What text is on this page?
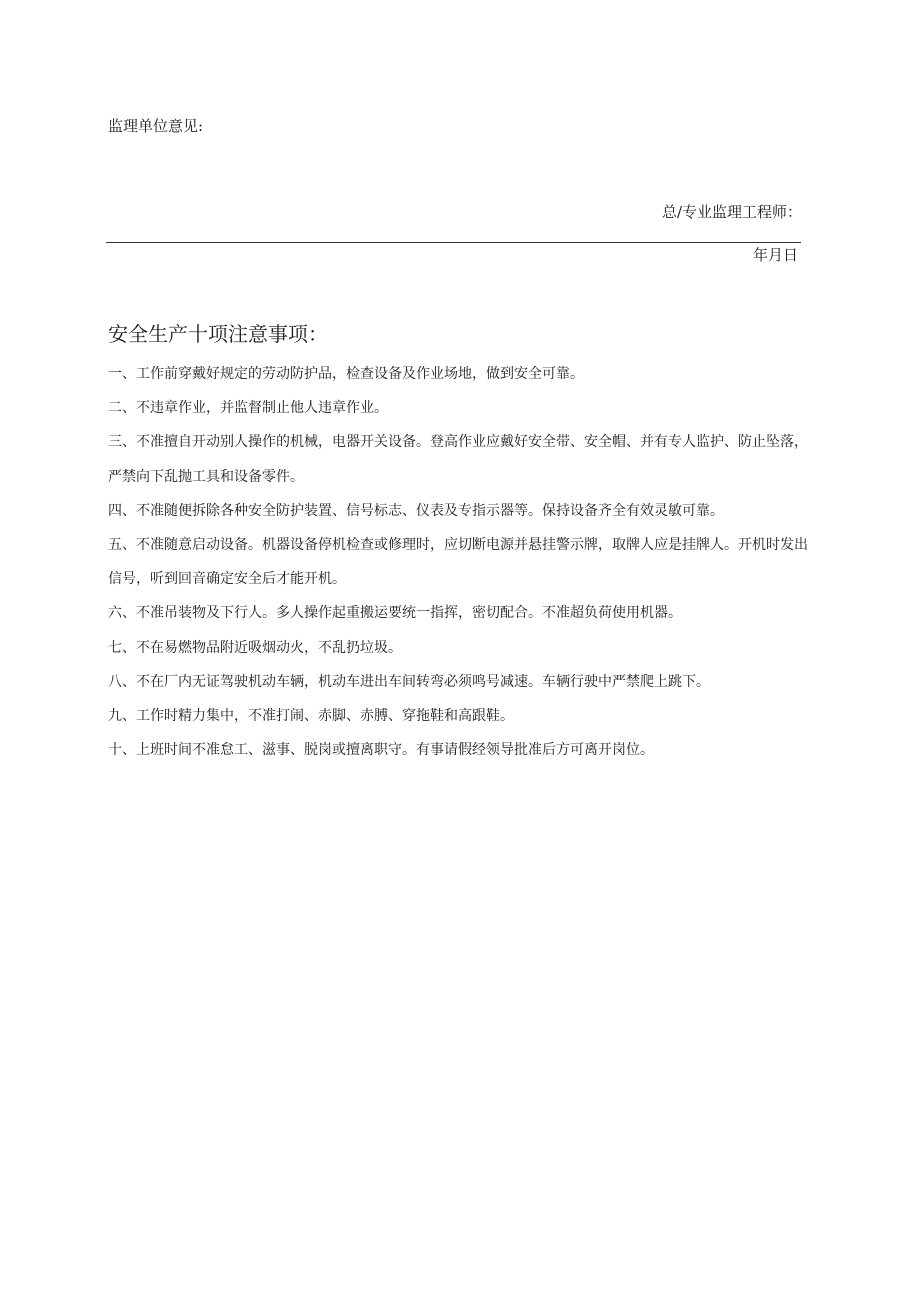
监理单位意见:
总/专业监理工程师：
年月日
安全生产十项注意事项：
一、工作前穿戴好规定的劳动防护品，检查设备及作业场地，做到安全可靠。
二、不违章作业，并监督制止他人违章作业。
三、不准擅自开动别人操作的机械，电器开关设备。登高作业应戴好安全带、安全帽、并有专人监护、防止坠落，严禁向下乱抛工具和设备零件。
四、不准随便拆除各种安全防护装置、信号标志、仪表及专指示器等。保持设备齐全有效灵敏可靠。
五、不准随意启动设备。机器设备停机检查或修理时，应切断电源并悬挂警示牌，取牌人应是挂牌人。开机时发出信号，听到回音确定安全后才能开机。
六、不准吊装物及下行人。多人操作起重搬运要统一指挥，密切配合。不准超负荷使用机器。
七、不在易燃物品附近吸烟动火，不乱扔垃圾。
八、不在厂内无证驾驶机动车辆，机动车进出车间转弯必须鸣号减速。车辆行驶中严禁爬上跳下。
九、工作时精力集中，不准打闹、赤脚、赤膊、穿拖鞋和高跟鞋。
十、上班时间不准怠工、滋事、脱岗或擅离职守。有事请假经领导批准后方可离开岗位。
